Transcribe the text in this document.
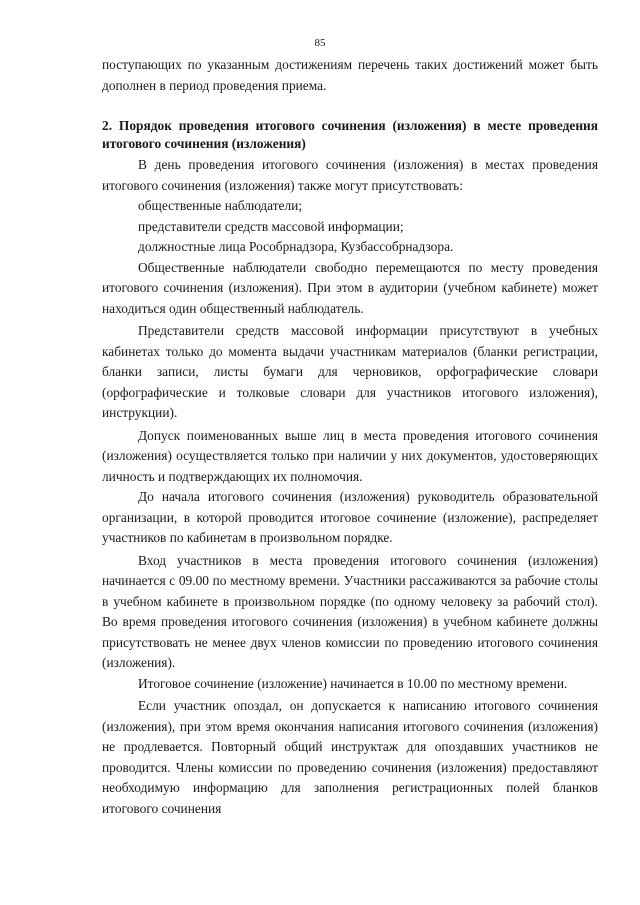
85

поступающих по указанным достижениям перечень таких достижений может быть дополнен в период проведения приема.

2. Порядок проведения итогового сочинения (изложения) в месте проведения итогового сочинения (изложения)

В день проведения итогового сочинения (изложения) в местах проведения итогового сочинения (изложения) также могут присутствовать:

общественные наблюдатели;

представители средств массовой информации;

должностные лица Рособрнадзора, Кузбассобрнадзора.

Общественные наблюдатели свободно перемещаются по месту проведения итогового сочинения (изложения). При этом в аудитории (учебном кабинете) может находиться один общественный наблюдатель.

Представители средств массовой информации присутствуют в учебных кабинетах только до момента выдачи участникам материалов (бланки регистрации, бланки записи, листы бумаги для черновиков, орфографические словари (орфографические и толковые словари для участников итогового изложения), инструкции).

Допуск поименованных выше лиц в места проведения итогового сочинения (изложения) осуществляется только при наличии у них документов, удостоверяющих личность и подтверждающих их полномочия.

До начала итогового сочинения (изложения) руководитель образовательной организации, в которой проводится итоговое сочинение (изложение), распределяет участников по кабинетам в произвольном порядке.

Вход участников в места проведения итогового сочинения (изложения) начинается с 09.00 по местному времени. Участники рассаживаются за рабочие столы в учебном кабинете в произвольном порядке (по одному человеку за рабочий стол). Во время проведения итогового сочинения (изложения) в учебном кабинете должны присутствовать не менее двух членов комиссии по проведению итогового сочинения (изложения).

Итоговое сочинение (изложение) начинается в 10.00 по местному времени.

Если участник опоздал, он допускается к написанию итогового сочинения (изложения), при этом время окончания написания итогового сочинения (изложения) не продлевается. Повторный общий инструктаж для опоздавших участников не проводится. Члены комиссии по проведению сочинения (изложения) предоставляют необходимую информацию для заполнения регистрационных полей бланков итогового сочинения
